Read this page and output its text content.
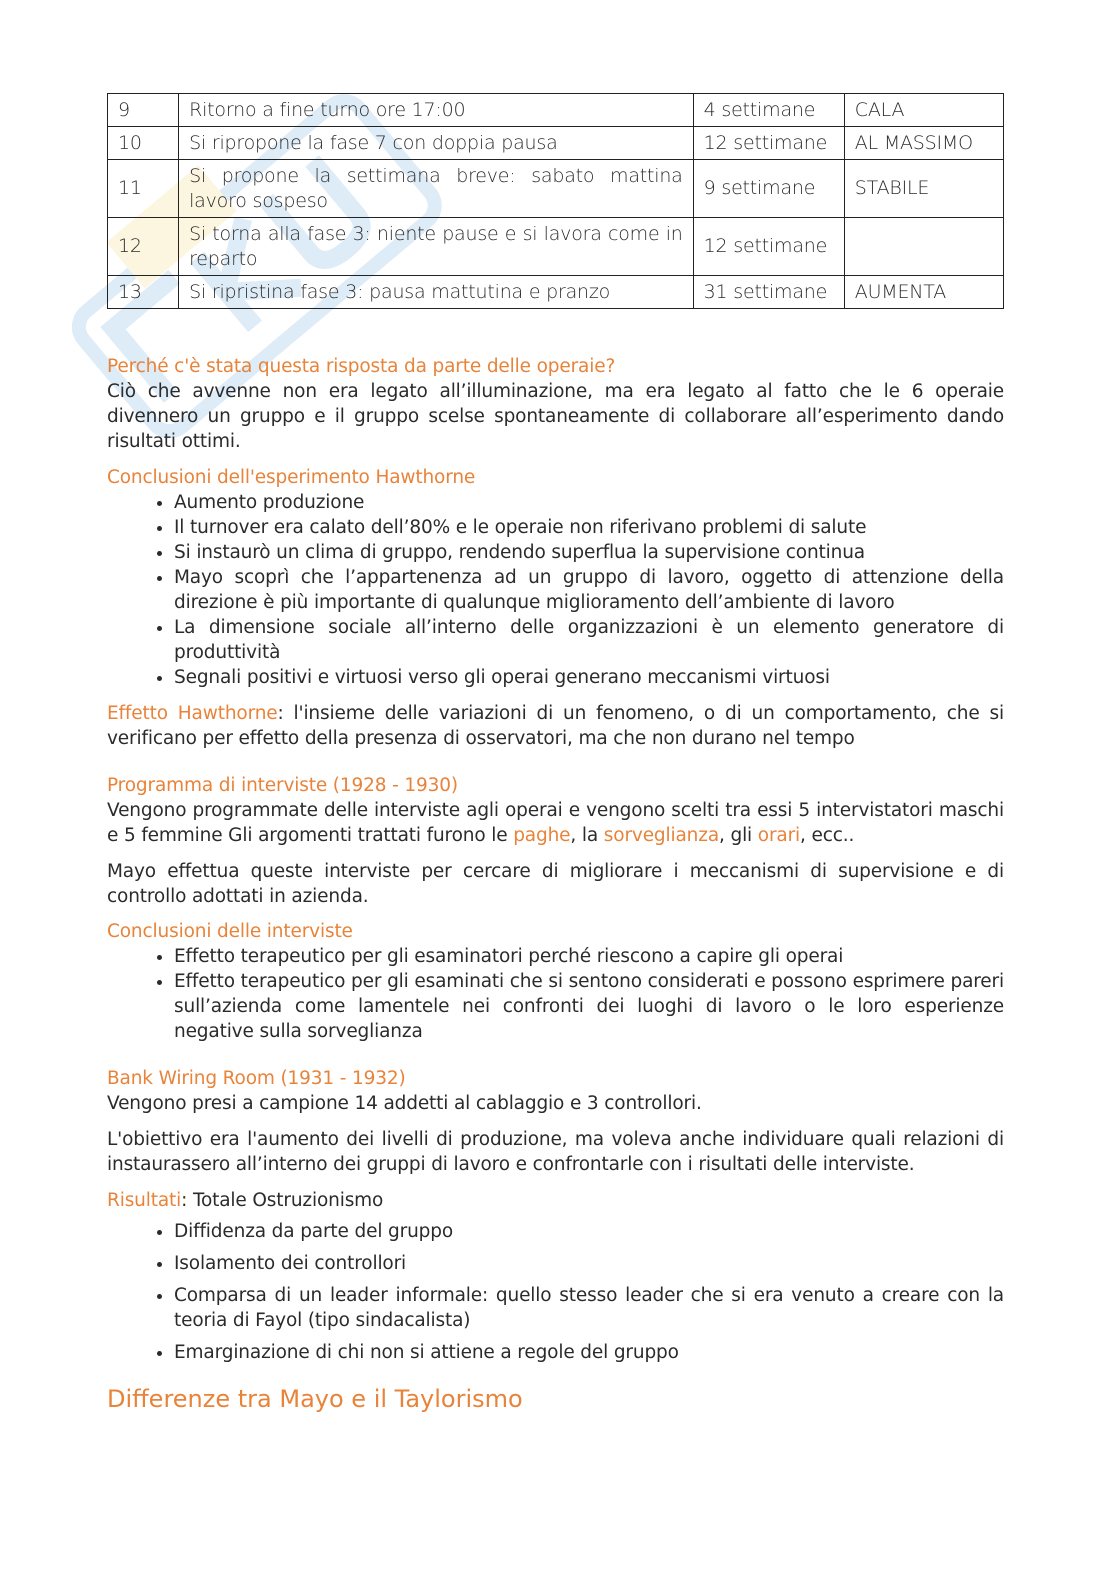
9	Ritorno a fine turno ore 17:00	4 settimane	CALA
10	Si ripropone la fase 7 con doppia pausa	12 settimane	AL MASSIMO
11	Si propone la settimana breve: sabato mattina lavoro sospeso	9 settimane	STABILE
12	Si torna alla fase 3: niente pause e si lavora come in reparto	12 settimane	
13	Si ripristina fase 3: pausa mattutina e pranzo	31 settimane	AUMENTA
Perché c'è stata questa risposta da parte delle operaie?

Ciò che avvenne non era legato all’illuminazione, ma era legato al fatto che le 6 operaie divennero un gruppo e il gruppo scelse spontaneamente di collaborare all’esperimento dando risultati ottimi.

Conclusioni dell'esperimento Hawthorne
• Aumento produzione
• Il turnover era calato dell’80% e le operaie non riferivano problemi di salute
• Si instaurò un clima di gruppo, rendendo superflua la supervisione continua
• Mayo scoprì che l’appartenenza ad un gruppo di lavoro, oggetto di attenzione della direzione è più importante di qualunque miglioramento dell’ambiente di lavoro
• La dimensione sociale all’interno delle organizzazioni è un elemento generatore di produttività
• Segnali positivi e virtuosi verso gli operai generano meccanismi virtuosi

Effetto Hawthorne: l'insieme delle variazioni di un fenomeno, o di un comportamento, che si verificano per effetto della presenza di osservatori, ma che non durano nel tempo

Programma di interviste (1928 - 1930)

Vengono programmate delle interviste agli operai e vengono scelti tra essi 5 intervistatori maschi e 5 femmine Gli argomenti trattati furono le paghe, la sorveglianza, gli orari, ecc..

Mayo effettua queste interviste per cercare di migliorare i meccanismi di supervisione e di controllo adottati in azienda.

Conclusioni delle interviste
• Effetto terapeutico per gli esaminatori perché riescono a capire gli operai
• Effetto terapeutico per gli esaminati che si sentono considerati e possono esprimere pareri sull’azienda come lamentele nei confronti dei luoghi di lavoro o le loro esperienze negative sulla sorveglianza
Bank Wiring Room (1931 - 1932)

Vengono presi a campione 14 addetti al cablaggio e 3 controllori.

L'obiettivo era l'aumento dei livelli di produzione, ma voleva anche individuare quali relazioni di instaurassero all’interno dei gruppi di lavoro e confrontarle con i risultati delle interviste.

Risultati: Totale Ostruzionismo

• Diffidenza da parte del gruppo
• Isolamento dei controllori
• Comparsa di un leader informale: quello stesso leader che si era venuto a creare con la teoria di Fayol (tipo sindacalista)
• Emarginazione di chi non si attiene a regole del gruppo
Differenze tra Mayo e il Taylorismo
